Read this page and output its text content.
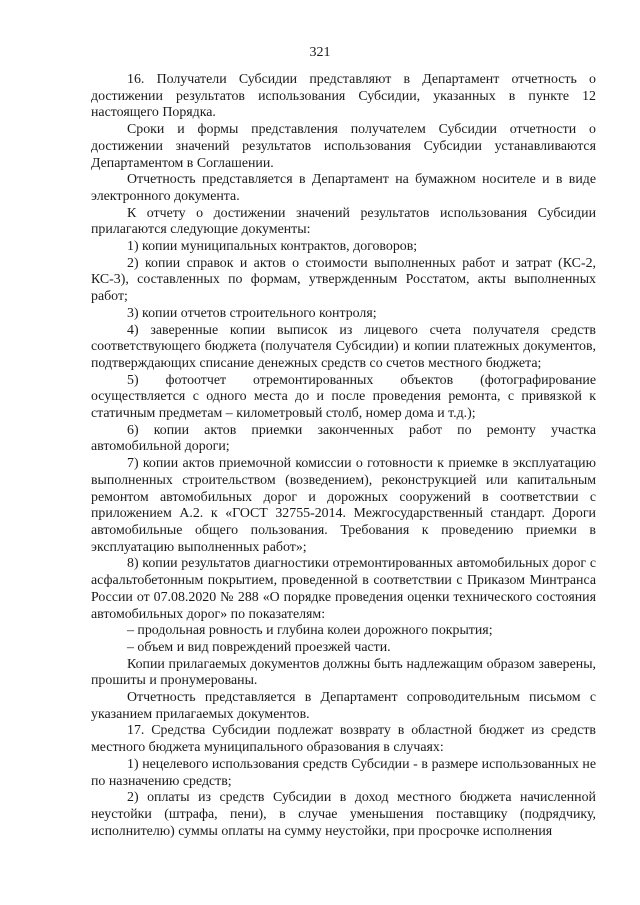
321

16. Получатели Субсидии представляют в Департамент отчетность о достижении результатов использования Субсидии, указанных в пункте 12 настоящего Порядка.

Сроки и формы представления получателем Субсидии отчетности о достижении значений результатов использования Субсидии устанавливаются Департаментом в Соглашении.

Отчетность представляется в Департамент на бумажном носителе и в виде электронного документа.

К отчету о достижении значений результатов использования Субсидии прилагаются следующие документы:

1) копии муниципальных контрактов, договоров;

2) копии справок и актов о стоимости выполненных работ и затрат (КС-2, КС-3), составленных по формам, утвержденным Росстатом, акты выполненных работ;

3) копии отчетов строительного контроля;

4) заверенные копии выписок из лицевого счета получателя средств соответствующего бюджета (получателя Субсидии) и копии платежных документов, подтверждающих списание денежных средств со счетов местного бюджета;

5) фотоотчет отремонтированных объектов (фотографирование осуществляется с одного места до и после проведения ремонта, с привязкой к статичным предметам – километровый столб, номер дома и т.д.);

6) копии актов приемки законченных работ по ремонту участка автомобильной дороги;

7) копии актов приемочной комиссии о готовности к приемке в эксплуатацию выполненных строительством (возведением), реконструкцией или капитальным ремонтом автомобильных дорог и дорожных сооружений в соответствии с приложением А.2. к «ГОСТ 32755-2014. Межгосударственный стандарт. Дороги автомобильные общего пользования. Требования к проведению приемки в эксплуатацию выполненных работ»;

8) копии результатов диагностики отремонтированных автомобильных дорог с асфальтобетонным покрытием, проведенной в соответствии с Приказом Минтранса России от 07.08.2020 № 288 «О порядке проведения оценки технического состояния автомобильных дорог» по показателям:

– продольная ровность и глубина колеи дорожного покрытия;

– объем и вид повреждений проезжей части.

Копии прилагаемых документов должны быть надлежащим образом заверены, прошиты и пронумерованы.

Отчетность представляется в Департамент сопроводительным письмом с указанием прилагаемых документов.

17. Средства Субсидии подлежат возврату в областной бюджет из средств местного бюджета муниципального образования в случаях:

1) нецелевого использования средств Субсидии - в размере использованных не по назначению средств;

2) оплаты из средств Субсидии в доход местного бюджета начисленной неустойки (штрафа, пени), в случае уменьшения поставщику (подрядчику, исполнителю) суммы оплаты на сумму неустойки, при просрочке исполнения
